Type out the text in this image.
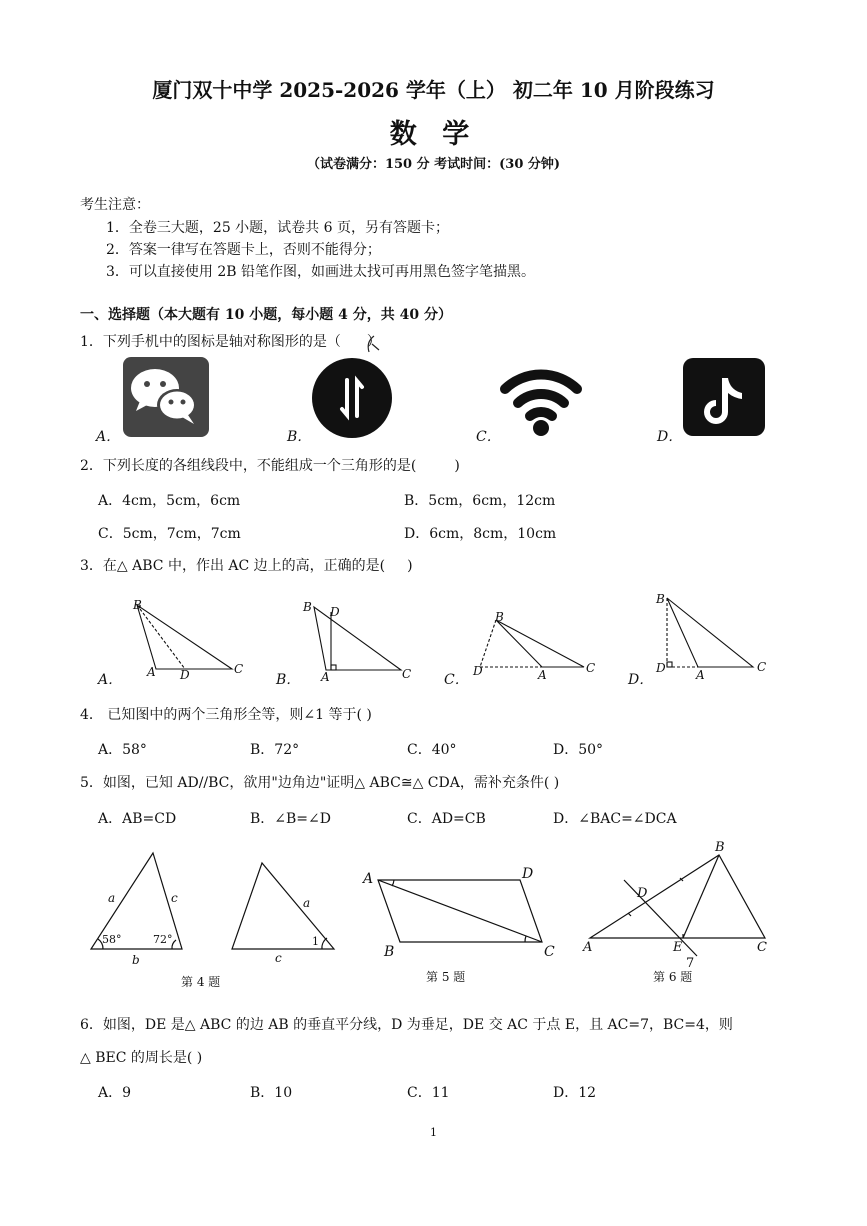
厦门双十中学 2025-2026 学年（上） 初二年 10 月阶段练习
数 学
（试卷满分：150 分 考试时间：(30 分钟)
考生注意：
1．全卷三大题，25 小题，试卷共 6 页，另有答题卡；
2．答案一律写在答题卡上，否则不能得分；
3．可以直接使用 2B 铅笔作图，如画进太找可再用黑色签字笔描黑。
一、选择题（本大题有 10 小题，每小题 4 分，共 40 分）
1．下列手机中的图标是轴对称图形的是（ ）
A．	B．	C．	D．
2．下列长度的各组线段中，不能组成一个三角形的是(	)
A．4cm，5cm，6cm	B．5cm，6cm，12cm
C．5cm，7cm，7cm	D．6cm，8cm，10cm
3．在△ ABC 中，作出 AC 边上的高，正确的是( )
A．	B．	C．	D．
4． 已知图中的两个三角形全等，则∠1 等于( )
A．58°	B．72°	C．40°	D．50°
5．如图，已知 AD//BC，欲用"边角边"证明△ ABC≅△ CDA，需补充条件( )
A．AB=CD	B．∠B=∠D	C．AD=CB	D．∠BAC=∠DCA
第 4 题	第 5 题	第 6 题
6．如图，DE 是△ ABC 的边 AB 的垂直平分线，D 为垂足，DE 交 AC 于点 E，且 AC=7，BC=4，则
△ BEC 的周长是( )
A．9	B．10	C．11	D．12
1
B
A D	C
B D
A	C
B
D	A	C
B
D	A
C
a	c
58°	72°
b
a
1
c
A	D
B	C
B
D
A	E	C
7
